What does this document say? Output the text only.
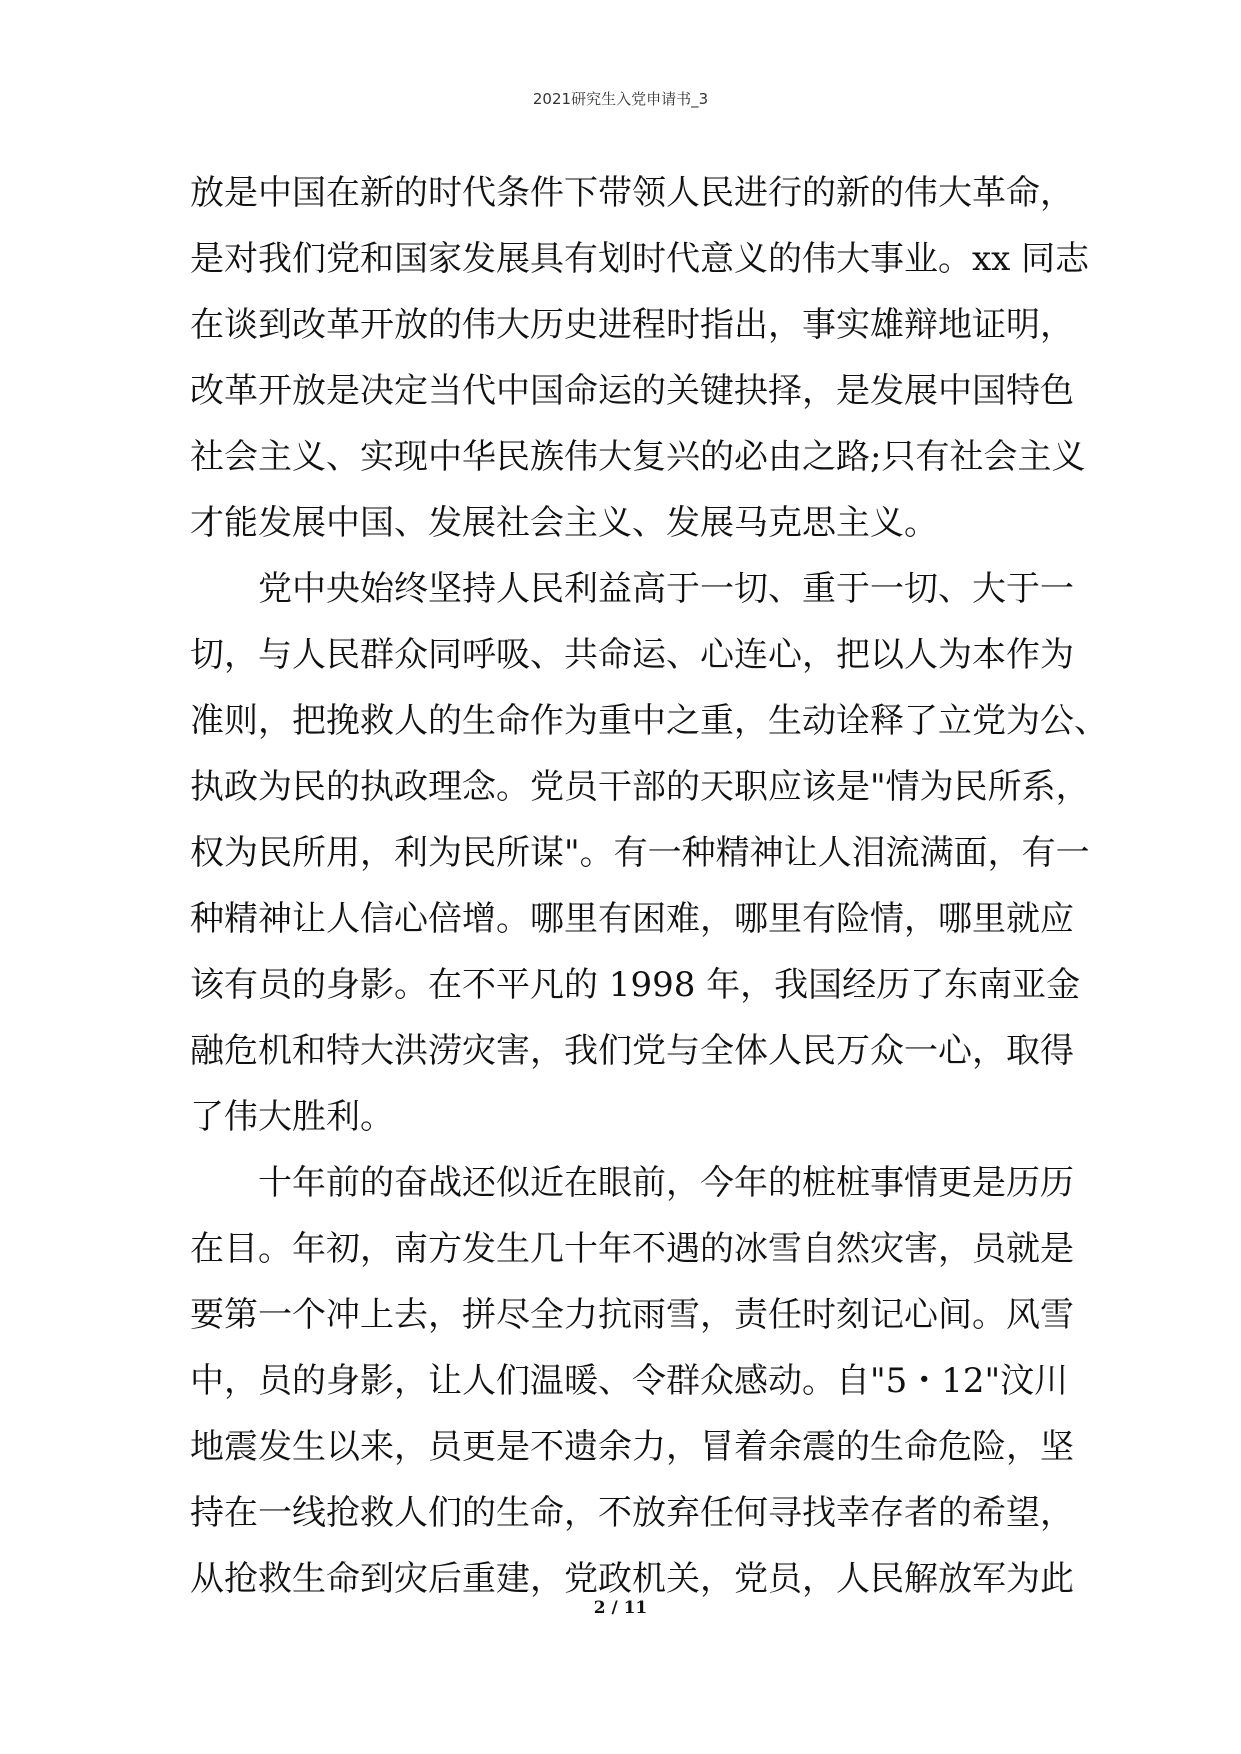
2021研究生入党申请书_3
放是中国在新的时代条件下带领人民进行的新的伟大革命，
是对我们党和国家发展具有划时代意义的伟大事业。xx 同志
在谈到改革开放的伟大历史进程时指出，事实雄辩地证明，
改革开放是决定当代中国命运的关键抉择，是发展中国特色
社会主义、实现中华民族伟大复兴的必由之路;只有社会主义
才能发展中国、发展社会主义、发展马克思主义。
党中央始终坚持人民利益高于一切、重于一切、大于一
切，与人民群众同呼吸、共命运、心连心，把以人为本作为
准则，把挽救人的生命作为重中之重，生动诠释了立党为公、
执政为民的执政理念。党员干部的天职应该是"情为民所系，
权为民所用，利为民所谋"。有一种精神让人泪流满面，有一
种精神让人信心倍增。哪里有困难，哪里有险情，哪里就应
该有员的身影。在不平凡的 1998 年，我国经历了东南亚金
融危机和特大洪涝灾害，我们党与全体人民万众一心，取得
了伟大胜利。
十年前的奋战还似近在眼前，今年的桩桩事情更是历历
在目。年初，南方发生几十年不遇的冰雪自然灾害，员就是
要第一个冲上去，拼尽全力抗雨雪，责任时刻记心间。风雪
中，员的身影，让人们温暖、令群众感动。自"5・12"汶川
地震发生以来，员更是不遗余力，冒着余震的生命危险，坚
持在一线抢救人们的生命，不放弃任何寻找幸存者的希望，
从抢救生命到灾后重建，党政机关，党员，人民解放军为此
2 / 11
